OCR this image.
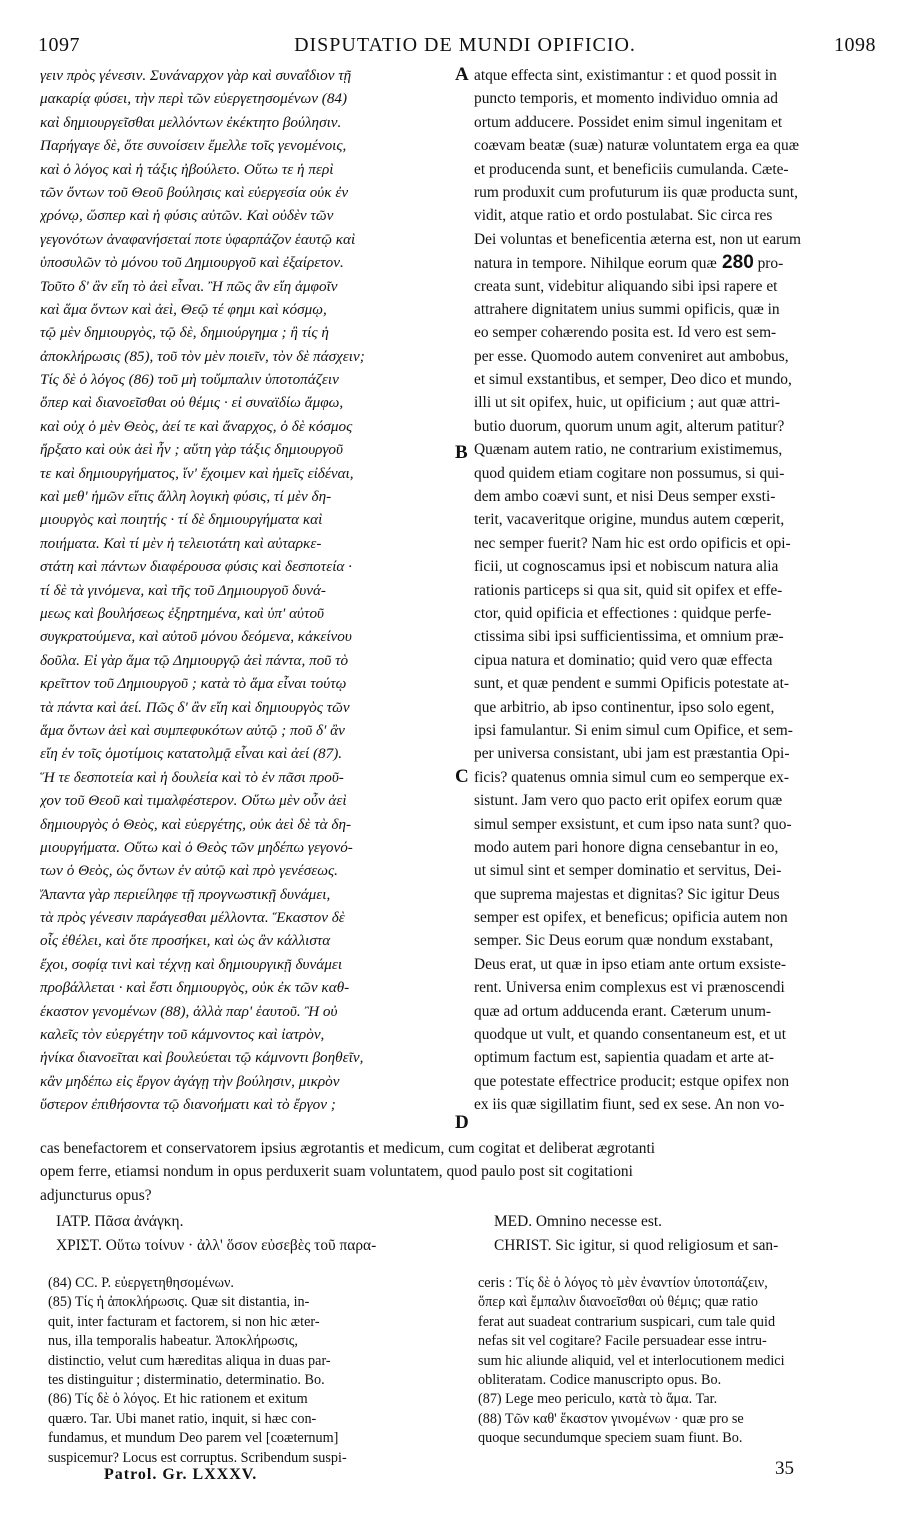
1097	DISPUTATIO DE MUNDI OPIFICIO.	1098
A
B
C
D
γειν πρὸς γένεσιν. Συνάναρχον γὰρ καὶ συναΐδιον τῇ
μακαρίᾳ φύσει, τὴν περὶ τῶν εὐεργετησομένων (84)
καὶ δημιουργεῖσθαι μελλόντων ἐκέκτητο βούλησιν.
Παρήγαγε δὲ, ὅτε συνοίσειν ἔμελλε τοῖς γενομένοις,
καὶ ὁ λόγος καὶ ἡ τάξις ἠβούλετο. Οὕτω τε ἡ περὶ
τῶν ὄντων τοῦ Θεοῦ βούλησις καὶ εὐεργεσία οὐκ ἐν
χρόνῳ, ὥσπερ καὶ ἡ φύσις αὐτῶν. Καὶ οὐδὲν τῶν
γεγονότων ἀναφανήσεταί ποτε ὑφαρπάζον ἑαυτῷ καὶ
ὑποσυλῶν τὸ μόνου τοῦ Δημιουργοῦ καὶ ἐξαίρετον.
Τοῦτο δ' ἂν εἴη τὸ ἀεὶ εἶναι. Ἢ πῶς ἂν εἴη ἀμφοῖν
καὶ ἅμα ὄντων καὶ ἀεὶ, Θεῷ τέ φημι καὶ κόσμῳ,
τῷ μὲν δημιουργὸς, τῷ δὲ, δημιούργημα ; ἢ τίς ἡ
ἀποκλήρωσις (85), τοῦ τὸν μὲν ποιεῖν, τὸν δὲ πάσχειν;
Τίς δὲ ὁ λόγος (86) τοῦ μὴ τοὔμπαλιν ὑποτοπάζειν
ὅπερ καὶ διανοεῖσθαι οὐ θέμις · εἰ συναϊδίω ἄμφω,
καὶ οὐχ ὁ μὲν Θεὸς, ἀεί τε καὶ ἄναρχος, ὁ δὲ κόσμος
ἤρξατο καὶ οὐκ ἀεὶ ἦν ; αὕτη γὰρ τάξις δημιουργοῦ
τε καὶ δημιουργήματος, ἵν' ἔχοιμεν καὶ ἡμεῖς εἰδέναι,
καὶ μεθ' ἡμῶν εἴτις ἄλλη λογικὴ φύσις, τί μὲν δη-
μιουργὸς καὶ ποιητής · τί δὲ δημιουργήματα καὶ
ποιήματα. Καὶ τί μὲν ἡ τελειοτάτη καὶ αὐταρκε-
στάτη καὶ πάντων διαφέρουσα φύσις καὶ δεσποτεία ·
τί δὲ τὰ γινόμενα, καὶ τῆς τοῦ Δημιουργοῦ δυνά-
μεως καὶ βουλήσεως ἐξηρτημένα, καὶ ὑπ' αὐτοῦ
συγκρατούμενα, καὶ αὐτοῦ μόνου δεόμενα, κἀκείνου
δοῦλα. Εἰ γὰρ ἅμα τῷ Δημιουργῷ ἀεὶ πάντα, ποῦ τὸ
κρεῖττον τοῦ Δημιουργοῦ ; κατὰ τὸ ἅμα εἶναι τούτῳ
τὰ πάντα καὶ ἀεί. Πῶς δ' ἂν εἴη καὶ δημιουργὸς τῶν
ἅμα ὄντων ἀεὶ καὶ συμπεφυκότων αὐτῷ ; ποῦ δ' ἂν
εἴη ἐν τοῖς ὁμοτίμοις κατατολμᾷ εἶναι καὶ ἀεί (87).
Ἥ τε δεσποτεία καὶ ἡ δουλεία καὶ τὸ ἐν πᾶσι προῦ-
χον τοῦ Θεοῦ καὶ τιμαλφέστερον. Οὕτω μὲν οὖν ἀεὶ
δημιουργὸς ὁ Θεὸς, καὶ εὐεργέτης, οὐκ ἀεὶ δὲ τὰ δη-
μιουργήματα. Οὕτω καὶ ὁ Θεὸς τῶν μηδέπω γεγονό-
των ὁ Θεὸς, ὡς ὄντων ἐν αὐτῷ καὶ πρὸ γενέσεως.
Ἅπαντα γὰρ περιείληφε τῇ προγνωστικῇ δυνάμει,
τὰ πρὸς γένεσιν παράγεσθαι μέλλοντα. Ἕκαστον δὲ
οἷς ἐθέλει, καὶ ὅτε προσήκει, καὶ ὡς ἂν κάλλιστα
ἔχοι, σοφίᾳ τινὶ καὶ τέχνῃ καὶ δημιουργικῇ δυνάμει
προβάλλεται · καὶ ἔστι δημιουργὸς, οὐκ ἐκ τῶν καθ-
έκαστον γενομένων (88), ἀλλὰ παρ' ἑαυτοῦ. Ἢ οὐ
καλεῖς τὸν εὐεργέτην τοῦ κάμνοντος καὶ ἰατρὸν,
ἡνίκα διανοεῖται καὶ βουλεύεται τῷ κάμνοντι βοηθεῖν,
κἂν μηδέπω εἰς ἔργον ἀγάγῃ τὴν βούλησιν, μικρὸν
ὕστερον ἐπιθήσοντα τῷ διανοήματι καὶ τὸ ἔργον ;
atque effecta sint, existimantur : et quod possit in
puncto temporis, et momento individuo omnia ad
ortum adducere. Possidet enim simul ingenitam et
coævam beatæ (suæ) naturæ voluntatem erga ea quæ
et producenda sunt, et beneficiis cumulanda. Cæte-
rum produxit cum profuturum iis quæ producta sunt,
vidit, atque ratio et ordo postulabat. Sic circa res
Dei voluntas et beneficentia æterna est, non ut earum
natura in tempore. Nihilque eorum quæ 280 pro-
creata sunt, videbitur aliquando sibi ipsi rapere et
attrahere dignitatem unius summi opificis, quæ in
eo semper cohærendo posita est. Id vero est sem-
per esse. Quomodo autem conveniret aut ambobus,
et simul exstantibus, et semper, Deo dico et mundo,
illi ut sit opifex, huic, ut opificium ; aut quæ attri-
butio duorum, quorum unum agit, alterum patitur?
Quænam autem ratio, ne contrarium existimemus,
quod quidem etiam cogitare non possumus, si qui-
dem ambo coævi sunt, et nisi Deus semper exsti-
terit, vacaveritque origine, mundus autem cœperit,
nec semper fuerit? Nam hic est ordo opificis et opi-
ficii, ut cognoscamus ipsi et nobiscum natura alia
rationis particeps si qua sit, quid sit opifex et effe-
ctor, quid opificia et effectiones : quidque perfe-
ctissima sibi ipsi sufficientissima, et omnium præ-
cipua natura et dominatio; quid vero quæ effecta
sunt, et quæ pendent e summi Opificis potestate at-
que arbitrio, ab ipso continentur, ipso solo egent,
ipsi famulantur. Si enim simul cum Opifice, et sem-
per universa consistant, ubi jam est præstantia Opi-
ficis? quatenus omnia simul cum eo semperque ex-
sistunt. Jam vero quo pacto erit opifex eorum quæ
simul semper exsistunt, et cum ipso nata sunt? quo-
modo autem pari honore digna censebantur in eo,
ut simul sint et semper dominatio et servitus, Dei-
que suprema majestas et dignitas? Sic igitur Deus
semper est opifex, et beneficus; opificia autem non
semper. Sic Deus eorum quæ nondum exstabant,
Deus erat, ut quæ in ipso etiam ante ortum exsiste-
rent. Universa enim complexus est vi prænoscendi
quæ ad ortum adducenda erant. Cæterum unum-
quodque ut vult, et quando consentaneum est, et ut
optimum factum est, sapientia quadam et arte at-
que potestate effectrice producit; estque opifex non
ex iis quæ sigillatim fiunt, sed ex sese. An non vo-
cas benefactorem et conservatorem ipsius ægrotantis et medicum, cum cogitat et deliberat ægrotanti
opem ferre, etiamsi nondum in opus perduxerit suam voluntatem, quod paulo post sit cogitationi
adjuncturus opus?
ΙΑΤΡ. Πᾶσα ἀνάγκη.
ΧΡΙΣΤ. Οὕτω τοίνυν · ἀλλ' ὅσον εὐσεβὲς τοῦ παρα-
MED. Omnino necesse est.
CHRIST. Sic igitur, si quod religiosum et san-
(84) CC. P. εὐεργετηθησομένων.
(85) Τίς ἡ ἀποκλήρωσις. Quæ sit distantia, in-
quit, inter facturam et factorem, si non hic æter-
nus, illa temporalis habeatur. Ἀποκλήρωσις,
distinctio, velut cum hæreditas aliqua in duas par-
tes distinguitur ; disterminatio, determinatio. Bo.
(86) Τίς δὲ ὁ λόγος. Et hic rationem et exitum
quæro. Tar. Ubi manet ratio, inquit, si hæc con-
fundamus, et mundum Deo parem vel [coæternum]
suspicemur? Locus est corruptus. Scribendum suspi-
ceris : Τίς δὲ ὁ λόγος τὸ μὲν ἐναντίον ὑποτοπάζειν,
ὅπερ καὶ ἔμπαλιν διανοεῖσθαι οὐ θέμις; quæ ratio
ferat aut suadeat contrarium suspicari, cum tale quid
nefas sit vel cogitare? Facile persuadear esse intru-
sum hic aliunde aliquid, vel et interlocutionem medici
obliteratam. Codice manuscripto opus. Bo.
(87) Lege meo periculo, κατὰ τὸ ἅμα. Tar.
(88) Τῶν καθ' ἕκαστον γινομένων · quæ pro se
quoque secundumque speciem suam fiunt. Bo.
Patrol. Gr. LXXXV.	35
